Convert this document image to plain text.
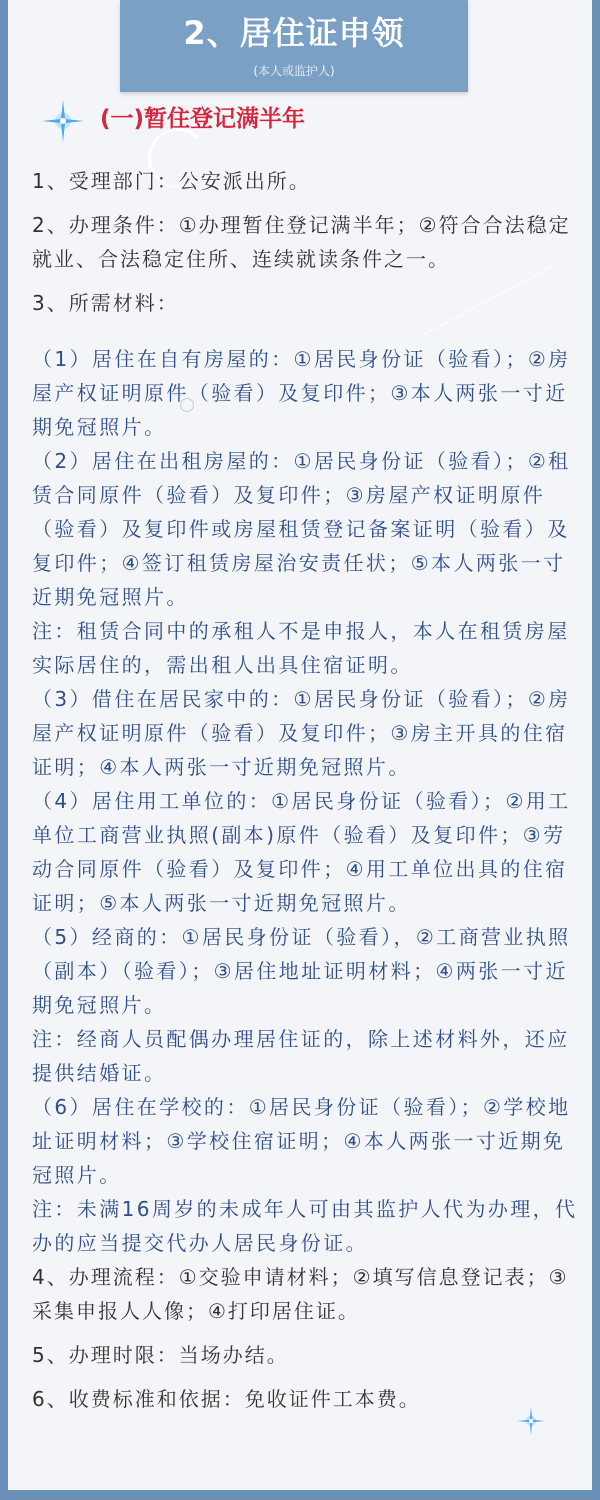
2、居住证申领
(本人或监护人)
(一)暂住登记满半年

1、受理部门：公安派出所。

2、办理条件：①办理暂住登记满半年；②符合合法稳定就业、合法稳定住所、连续就读条件之一。

3、所需材料：

（1）居住在自有房屋的：①居民身份证（验看）；②房屋产权证明原件（验看）及复印件；③本人两张一寸近期免冠照片。

（2）居住在出租房屋的：①居民身份证（验看）；②租赁合同原件（验看）及复印件；③房屋产权证明原件（验看）及复印件或房屋租赁登记备案证明（验看）及复印件；④签订租赁房屋治安责任状；⑤本人两张一寸近期免冠照片。

注：租赁合同中的承租人不是申报人，本人在租赁房屋实际居住的，需出租人出具住宿证明。

（3）借住在居民家中的：①居民身份证（验看）；②房屋产权证明原件（验看）及复印件；③房主开具的住宿证明；④本人两张一寸近期免冠照片。

（4）居住用工单位的：①居民身份证（验看）；②用工单位工商营业执照(副本)原件（验看）及复印件；③劳动合同原件（验看）及复印件；④用工单位出具的住宿证明；⑤本人两张一寸近期免冠照片。

（5）经商的：①居民身份证（验看），②工商营业执照（副本）（验看）；③居住地址证明材料；④两张一寸近期免冠照片。

注：经商人员配偶办理居住证的，除上述材料外，还应提供结婚证。

（6）居住在学校的：①居民身份证（验看）；②学校地址证明材料；③学校住宿证明；④本人两张一寸近期免冠照片。

注：未满16周岁的未成年人可由其监护人代为办理，代办的应当提交代办人居民身份证。

4、办理流程：①交验申请材料；②填写信息登记表；③采集申报人人像；④打印居住证。

5、办理时限：当场办结。

6、收费标准和依据：免收证件工本费。
